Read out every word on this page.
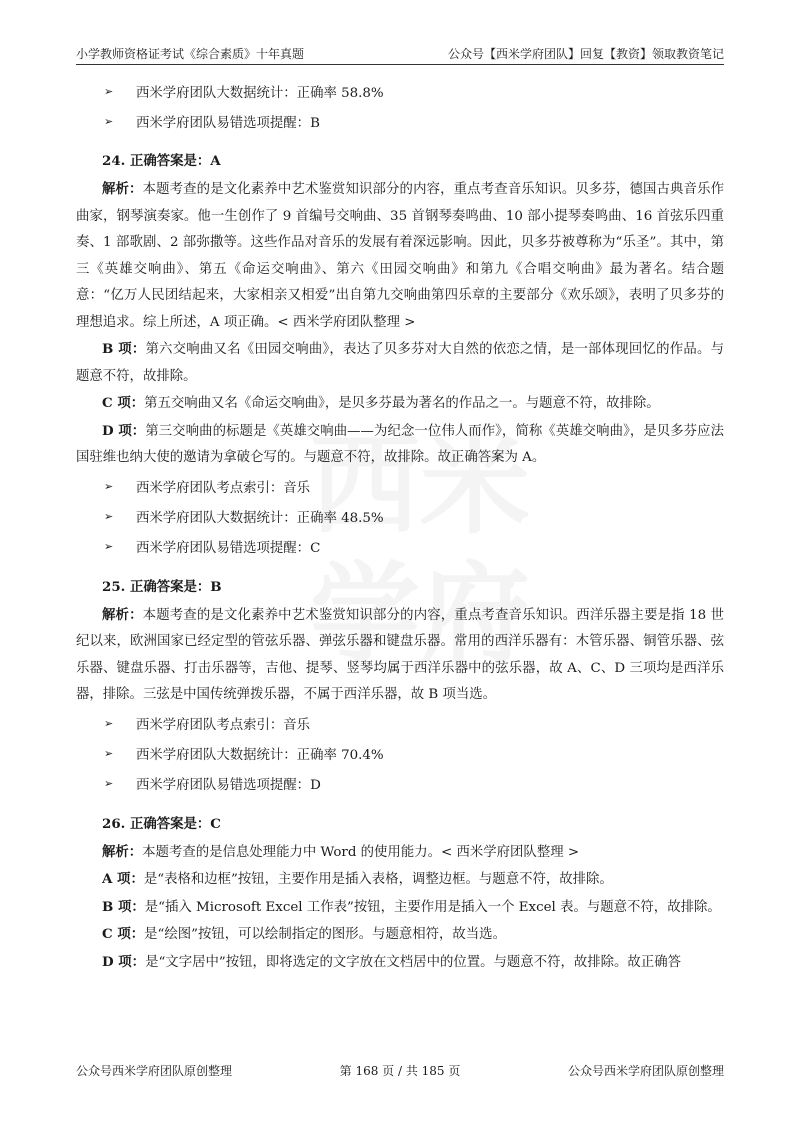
小学教师资格证考试《综合素质》十年真题	公众号【西米学府团队】回复【教资】领取教资笔记
➢	西米学府团队大数据统计：正确率 58.8%
➢	西米学府团队易错选项提醒：B
24. 正确答案是：A

解析：本题考查的是文化素养中艺术鉴赏知识部分的内容，重点考查音乐知识。贝多芬，德国古典音乐作曲家，钢琴演奏家。他一生创作了 9 首编号交响曲、35 首钢琴奏鸣曲、10 部小提琴奏鸣曲、16 首弦乐四重奏、1 部歌剧、2 部弥撒等。这些作品对音乐的发展有着深远影响。因此，贝多芬被尊称为“乐圣”。其中，第三《英雄交响曲》、第五《命运交响曲》、第六《田园交响曲》和第九《合唱交响曲》最为著名。结合题意：“亿万人民团结起来，大家相亲又相爱”出自第九交响曲第四乐章的主要部分《欢乐颂》，表明了贝多芬的理想追求。综上所述，A 项正确。< 西米学府团队整理 >

B 项：第六交响曲又名《田园交响曲》，表达了贝多芬对大自然的依恋之情，是一部体现回忆的作品。与题意不符，故排除。

C 项：第五交响曲又名《命运交响曲》，是贝多芬最为著名的作品之一。与题意不符，故排除。

D 项：第三交响曲的标题是《英雄交响曲——为纪念一位伟人而作》，简称《英雄交响曲》，是贝多芬应法国驻维也纳大使的邀请为拿破仑写的。与题意不符，故排除。故正确答案为 A。

➢	西米学府团队考点索引：音乐
➢	西米学府团队大数据统计：正确率 48.5%
➢	西米学府团队易错选项提醒：C
25. 正确答案是：B

解析：本题考查的是文化素养中艺术鉴赏知识部分的内容，重点考查音乐知识。西洋乐器主要是指 18 世纪以来，欧洲国家已经定型的管弦乐器、弹弦乐器和键盘乐器。常用的西洋乐器有：木管乐器、铜管乐器、弦乐器、键盘乐器、打击乐器等，吉他、提琴、竖琴均属于西洋乐器中的弦乐器，故 A、C、D 三项均是西洋乐器，排除。三弦是中国传统弹拨乐器，不属于西洋乐器，故 B 项当选。

➢	西米学府团队考点索引：音乐
➢	西米学府团队大数据统计：正确率 70.4%
➢	西米学府团队易错选项提醒：D
26. 正确答案是：C

解析：本题考查的是信息处理能力中 Word 的使用能力。< 西米学府团队整理 >

A 项：是“表格和边框”按钮，主要作用是插入表格，调整边框。与题意不符，故排除。

B 项：是“插入 Microsoft Excel 工作表”按钮，主要作用是插入一个 Excel 表。与题意不符，故排除。

C 项：是“绘图”按钮，可以绘制指定的图形。与题意相符，故当选。

D 项：是“文字居中”按钮，即将选定的文字放在文档居中的位置。与题意不符，故排除。故正确答

公众号西米学府团队原创整理	第 168 页 / 共 185 页	公众号西米学府团队原创整理
